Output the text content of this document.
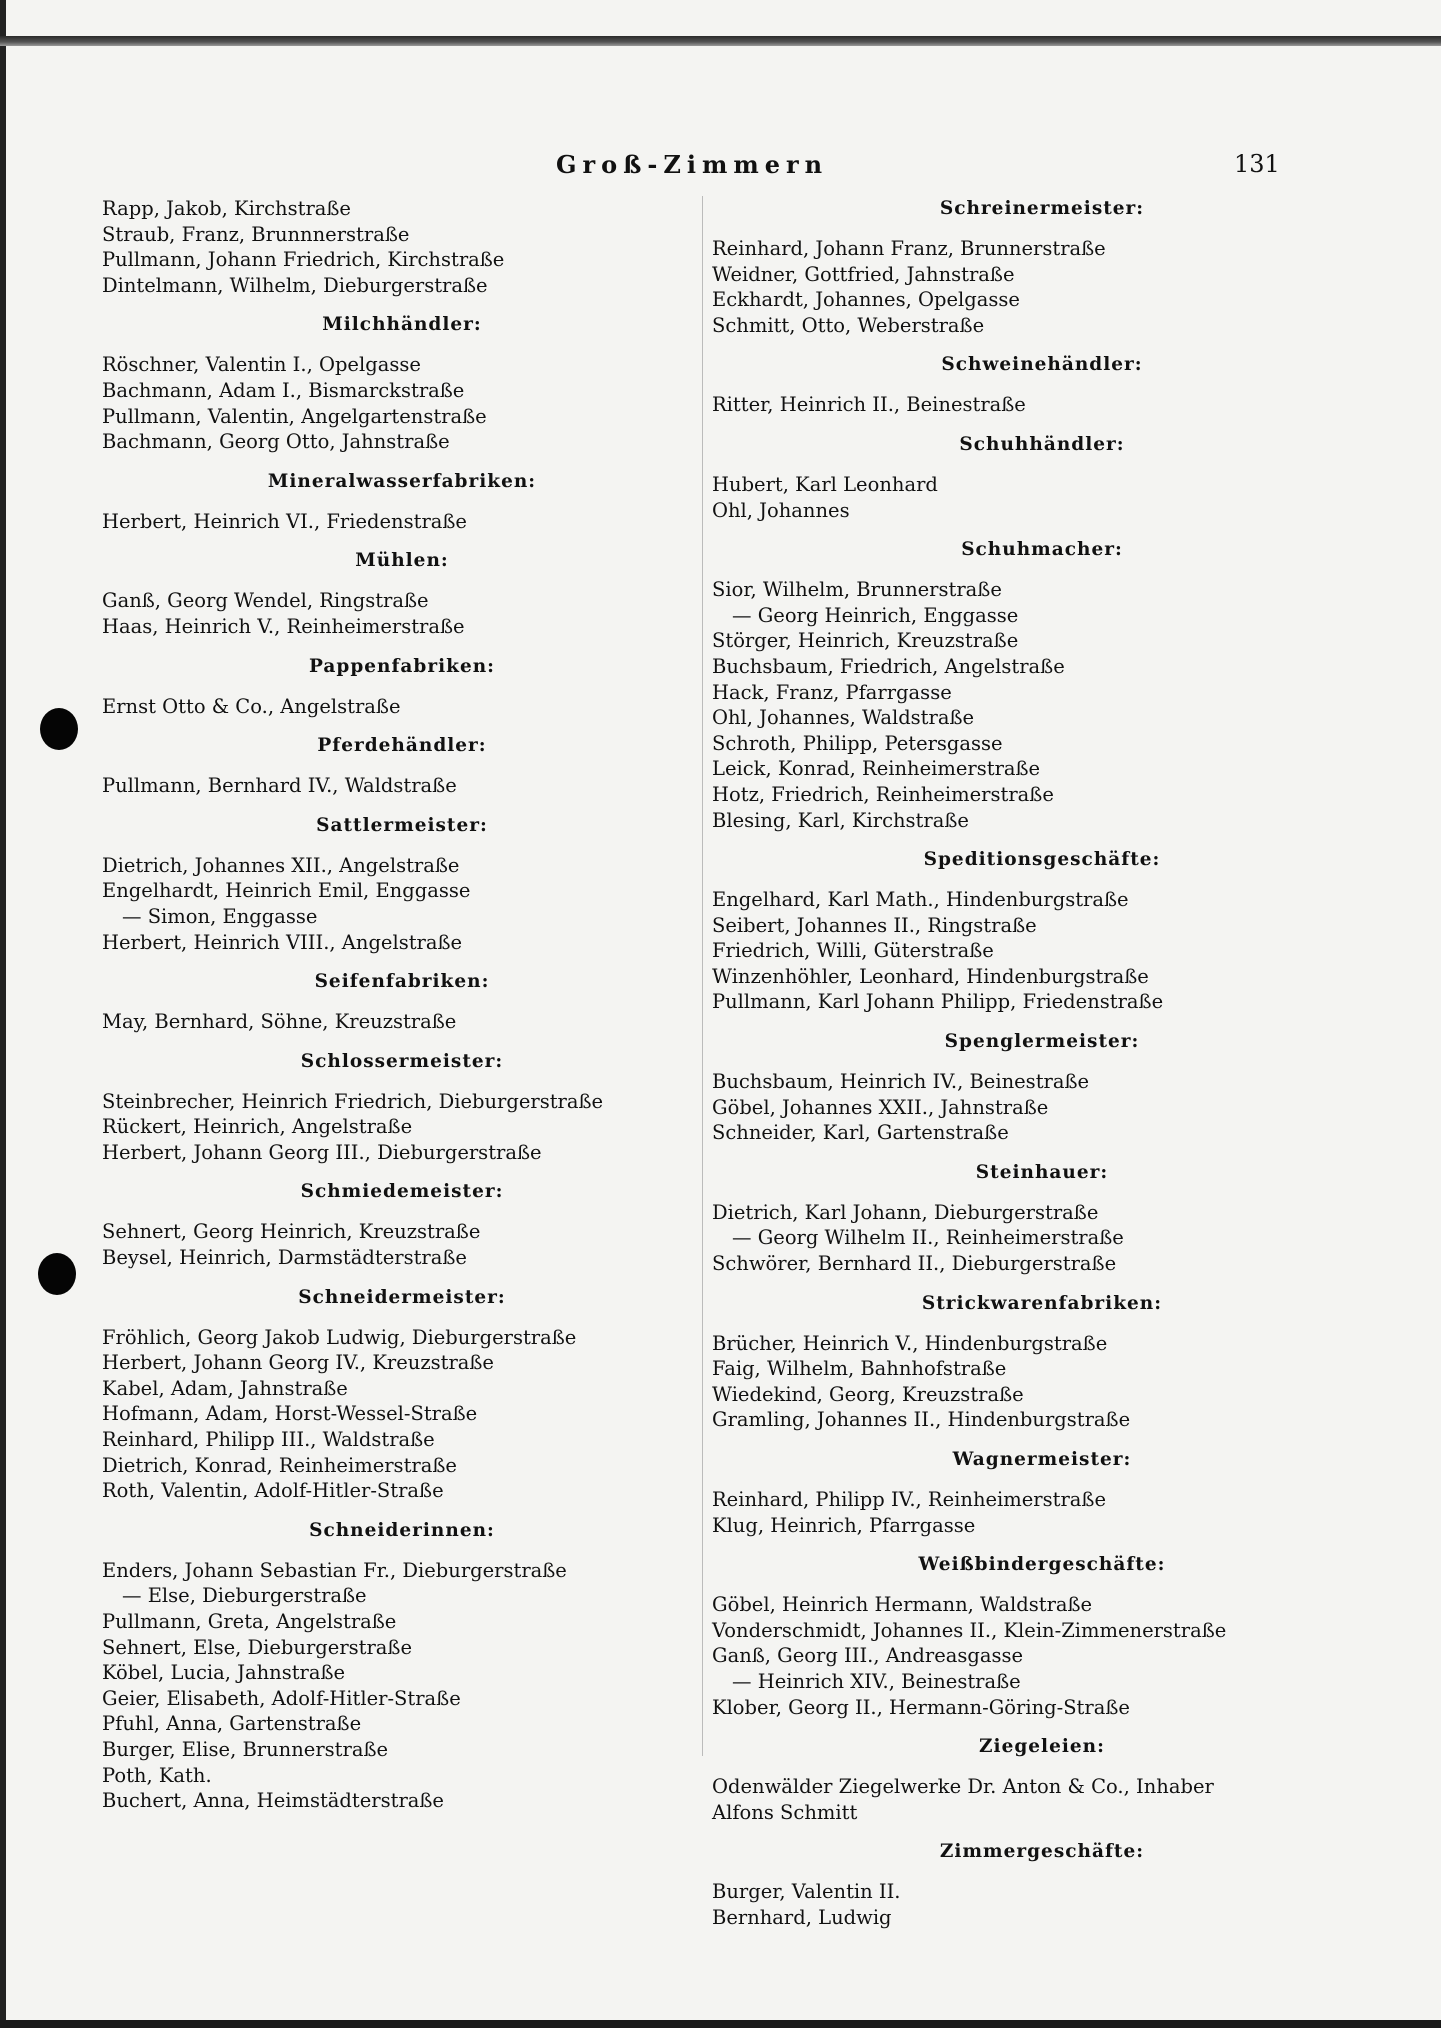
Groß-Zimmern	131

Rapp, Jakob, Kirchstraße

Straub, Franz, Brunnnerstraße

Pullmann, Johann Friedrich, Kirchstraße

Dintelmann, Wilhelm, Dieburgerstraße

Milchhändler:

Röschner, Valentin I., Opelgasse

Bachmann, Adam I., Bismarckstraße

Pullmann, Valentin, Angelgartenstraße

Bachmann, Georg Otto, Jahnstraße

Mineralwasserfabriken:

Herbert, Heinrich VI., Friedenstraße

Mühlen:

Ganß, Georg Wendel, Ringstraße

Haas, Heinrich V., Reinheimerstraße

Pappenfabriken:

Ernst Otto & Co., Angelstraße

Pferdehändler:

Pullmann, Bernhard IV., Waldstraße

Sattlermeister:

Dietrich, Johannes XII., Angelstraße

Engelhardt, Heinrich Emil, Enggasse

— Simon, Enggasse

Herbert, Heinrich VIII., Angelstraße

Seifenfabriken:

May, Bernhard, Söhne, Kreuzstraße

Schlossermeister:

Steinbrecher, Heinrich Friedrich, Dieburgerstraße

Rückert, Heinrich, Angelstraße

Herbert, Johann Georg III., Dieburgerstraße

Schmiedemeister:

Sehnert, Georg Heinrich, Kreuzstraße

Beysel, Heinrich, Darmstädterstraße

Schneidermeister:

Fröhlich, Georg Jakob Ludwig, Dieburgerstraße

Herbert, Johann Georg IV., Kreuzstraße

Kabel, Adam, Jahnstraße

Hofmann, Adam, Horst-Wessel-Straße

Reinhard, Philipp III., Waldstraße

Dietrich, Konrad, Reinheimerstraße

Roth, Valentin, Adolf-Hitler-Straße

Schneiderinnen:

Enders, Johann Sebastian Fr., Dieburgerstraße

— Else, Dieburgerstraße

Pullmann, Greta, Angelstraße

Sehnert, Else, Dieburgerstraße

Köbel, Lucia, Jahnstraße

Geier, Elisabeth, Adolf-Hitler-Straße

Pfuhl, Anna, Gartenstraße

Burger, Elise, Brunnerstraße

Poth, Kath.

Buchert, Anna, Heimstädterstraße

Schreinermeister:

Reinhard, Johann Franz, Brunnerstraße

Weidner, Gottfried, Jahnstraße

Eckhardt, Johannes, Opelgasse

Schmitt, Otto, Weberstraße

Schweinehändler:

Ritter, Heinrich II., Beinestraße

Schuhhändler:

Hubert, Karl Leonhard

Ohl, Johannes

Schuhmacher:

Sior, Wilhelm, Brunnerstraße

— Georg Heinrich, Enggasse

Störger, Heinrich, Kreuzstraße

Buchsbaum, Friedrich, Angelstraße

Hack, Franz, Pfarrgasse

Ohl, Johannes, Waldstraße

Schroth, Philipp, Petersgasse

Leick, Konrad, Reinheimerstraße

Hotz, Friedrich, Reinheimerstraße

Blesing, Karl, Kirchstraße

Speditionsgeschäfte:

Engelhard, Karl Math., Hindenburgstraße

Seibert, Johannes II., Ringstraße

Friedrich, Willi, Güterstraße

Winzenhöhler, Leonhard, Hindenburgstraße

Pullmann, Karl Johann Philipp, Friedenstraße

Spenglermeister:

Buchsbaum, Heinrich IV., Beinestraße

Göbel, Johannes XXII., Jahnstraße

Schneider, Karl, Gartenstraße

Steinhauer:

Dietrich, Karl Johann, Dieburgerstraße

— Georg Wilhelm II., Reinheimerstraße

Schwörer, Bernhard II., Dieburgerstraße

Strickwarenfabriken:

Brücher, Heinrich V., Hindenburgstraße

Faig, Wilhelm, Bahnhofstraße

Wiedekind, Georg, Kreuzstraße

Gramling, Johannes II., Hindenburgstraße

Wagnermeister:

Reinhard, Philipp IV., Reinheimerstraße

Klug, Heinrich, Pfarrgasse

Weißbindergeschäfte:

Göbel, Heinrich Hermann, Waldstraße

Vonderschmidt, Johannes II., Klein-Zimmenerstraße

Ganß, Georg III., Andreasgasse

— Heinrich XIV., Beinestraße

Klober, Georg II., Hermann-Göring-Straße

Ziegeleien:

Odenwälder Ziegelwerke Dr. Anton & Co., Inhaber

Alfons Schmitt

Zimmergeschäfte:

Burger, Valentin II.

Bernhard, Ludwig
